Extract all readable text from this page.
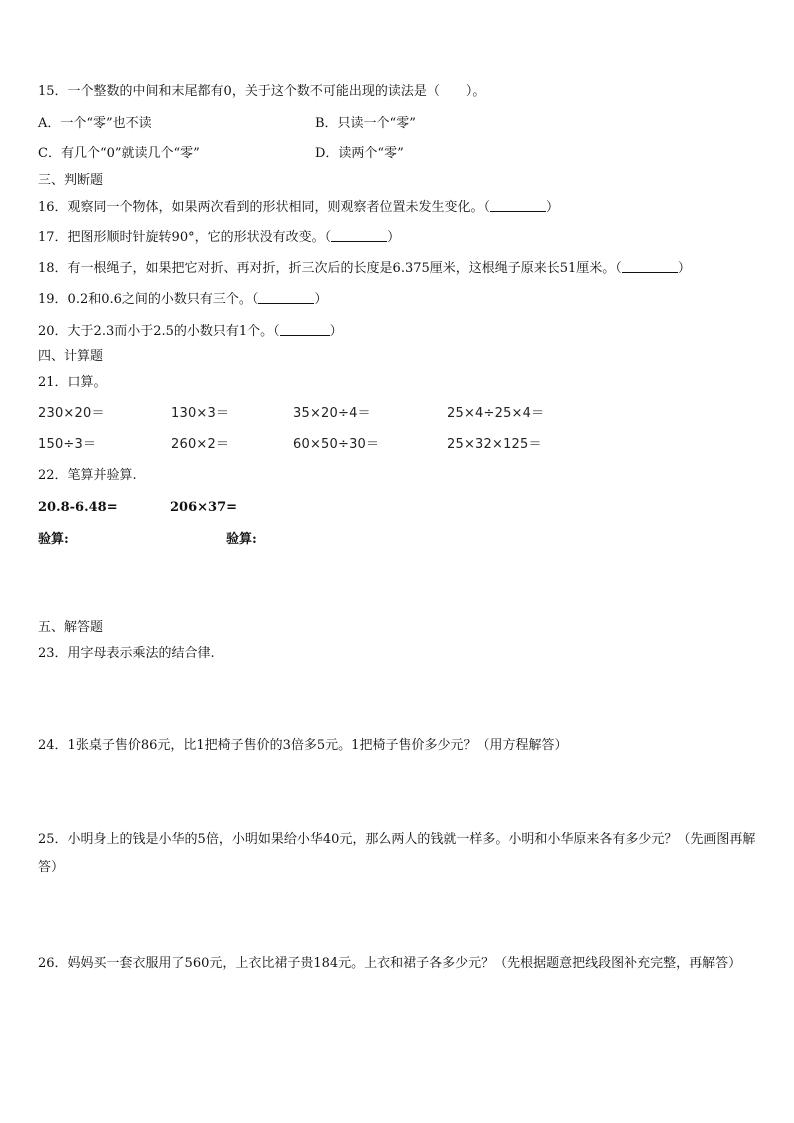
15．一个整数的中间和末尾都有0，关于这个数不可能出现的读法是（　　）。
A．一个“零”也不读	B．只读一个“零”
C．有几个“0”就读几个“零”	D．读两个“零”
三、判断题
16．观察同一个物体，如果两次看到的形状相同，则观察者位置未发生变化。（	）
17．把图形顺时针旋转90°，它的形状没有改变。（	）
18．有一根绳子，如果把它对折、再对折，折三次后的长度是6.375厘米，这根绳子原来长51厘米。（	）
19．0.2和0.6之间的小数只有三个。（	）
20．大于2.3而小于2.5的小数只有1个。（	）
四、计算题
21．口算。
230×20＝	130×3＝	35×20÷4＝	25×4÷25×4＝
150÷3＝	260×2＝	60×50÷30＝	25×32×125＝
22．笔算并验算.
20.8-6.48=	206×37=
验算:	验算:
五、解答题
23．用字母表示乘法的结合律.
24．1张桌子售价86元，比1把椅子售价的3倍多5元。1把椅子售价多少元？（用方程解答）
25．小明身上的钱是小华的5倍，小明如果给小华40元，那么两人的钱就一样多。小明和小华原来各有多少元？（先画图再解答）
26．妈妈买一套衣服用了560元，上衣比裙子贵184元。上衣和裙子各多少元？（先根据题意把线段图补充完整，再解答）
